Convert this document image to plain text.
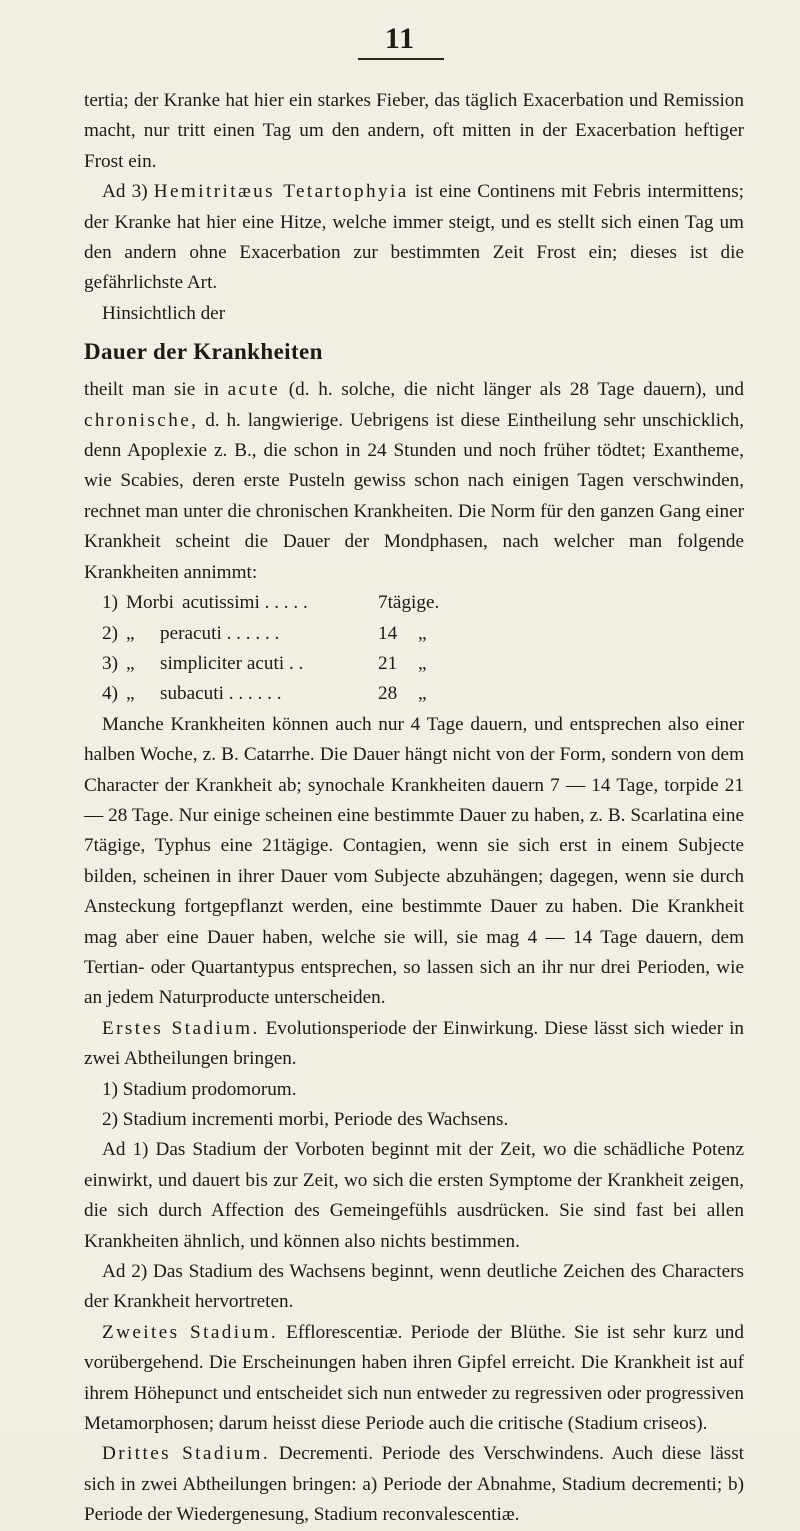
11

tertia; der Kranke hat hier ein starkes Fieber, das täglich Exacerbation und Remission macht, nur tritt einen Tag um den andern, oft mitten in der Exacerbation heftiger Frost ein.

Ad 3) Hemitritæus Tetartophyia ist eine Continens mit Febris intermittens; der Kranke hat hier eine Hitze, welche immer steigt, und es stellt sich einen Tag um den andern ohne Exacerbation zur bestimmten Zeit Frost ein; dieses ist die gefährlichste Art.

Hinsichtlich der

Dauer der Krankheiten

theilt man sie in acute (d. h. solche, die nicht länger als 28 Tage dauern), und chronische, d. h. langwierige. Uebrigens ist diese Eintheilung sehr unschicklich, denn Apoplexie z. B., die schon in 24 Stunden und noch früher tödtet; Exantheme, wie Scabies, deren erste Pusteln gewiss schon nach einigen Tagen verschwinden, rechnet man unter die chronischen Krankheiten. Die Norm für den ganzen Gang einer Krankheit scheint die Dauer der Mondphasen, nach welcher man folgende Krankheiten annimmt:

1) Morbi acutissimi . . . . .	7tägige.
2) „	peracuti . . . . . .	14	„
3) „	simpliciter acuti . .	21	„
4) „	subacuti . . . . . .	28	„

Manche Krankheiten können auch nur 4 Tage dauern, und entsprechen also einer halben Woche, z. B. Catarrhe. Die Dauer hängt nicht von der Form, sondern von dem Character der Krankheit ab; synochale Krankheiten dauern 7 — 14 Tage, torpide 21 — 28 Tage. Nur einige scheinen eine bestimmte Dauer zu haben, z. B. Scarlatina eine 7tägige, Typhus eine 21tägige. Contagien, wenn sie sich erst in einem Subjecte bilden, scheinen in ihrer Dauer vom Subjecte abzuhängen; dagegen, wenn sie durch Ansteckung fortgepflanzt werden, eine bestimmte Dauer zu haben. Die Krankheit mag aber eine Dauer haben, welche sie will, sie mag 4 — 14 Tage dauern, dem Tertian- oder Quartantypus entsprechen, so lassen sich an ihr nur drei Perioden, wie an jedem Naturproducte unterscheiden.

Erstes Stadium. Evolutionsperiode der Einwirkung. Diese lässt sich wieder in zwei Abtheilungen bringen.

1) Stadium prodomorum.

2) Stadium incrementi morbi, Periode des Wachsens.

Ad 1) Das Stadium der Vorboten beginnt mit der Zeit, wo die schädliche Potenz einwirkt, und dauert bis zur Zeit, wo sich die ersten Symptome der Krankheit zeigen, die sich durch Affection des Gemeingefühls ausdrücken. Sie sind fast bei allen Krankheiten ähnlich, und können also nichts bestimmen.

Ad 2) Das Stadium des Wachsens beginnt, wenn deutliche Zeichen des Characters der Krankheit hervortreten.

Zweites Stadium. Efflorescentiæ. Periode der Blüthe. Sie ist sehr kurz und vorübergehend. Die Erscheinungen haben ihren Gipfel erreicht. Die Krankheit ist auf ihrem Höhepunct und entscheidet sich nun entweder zu regressiven oder progressiven Metamorphosen; darum heisst diese Periode auch die critische (Stadium criseos).

Drittes Stadium. Decrementi. Periode des Verschwindens. Auch diese lässt sich in zwei Abtheilungen bringen: a) Periode der Abnahme, Stadium decrementi; b) Periode der Wiedergenesung, Stadium reconvalescentiæ.
